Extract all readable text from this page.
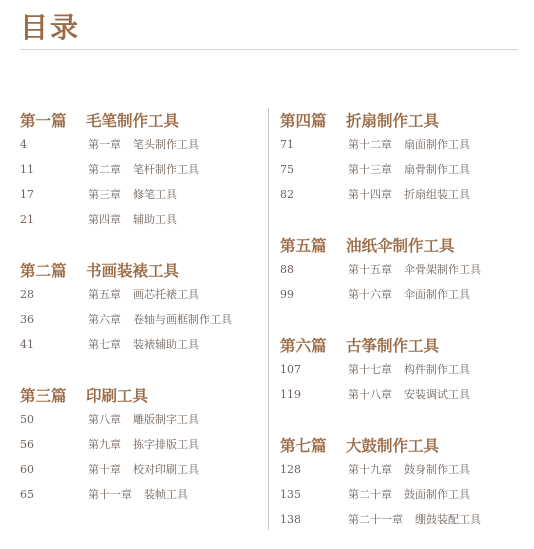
目录
第一篇 毛笔制作工具
4	第一章 笔头制作工具
11	第二章 笔杆制作工具
17	第三章 修笔工具
21	第四章 辅助工具
第二篇 书画装裱工具
28	第五章 画芯托裱工具
36	第六章 卷轴与画框制作工具
41	第七章 装裱辅助工具
第三篇 印刷工具
50	第八章 雕版制字工具
56	第九章 拣字排版工具
60	第十章 校对印刷工具
65	第十一章 装帧工具
第四篇 折扇制作工具
71	第十二章 扇面制作工具
75	第十三章 扇骨制作工具
82	第十四章 折扇组装工具
第五篇 油纸伞制作工具
88	第十五章 伞骨架制作工具
99	第十六章 伞面制作工具
第六篇 古筝制作工具
107	第十七章 构件制作工具
119	第十八章 安装调试工具
第七篇 大鼓制作工具
128	第十九章 鼓身制作工具
135	第二十章 鼓面制作工具
138	第二十一章 绷鼓装配工具
